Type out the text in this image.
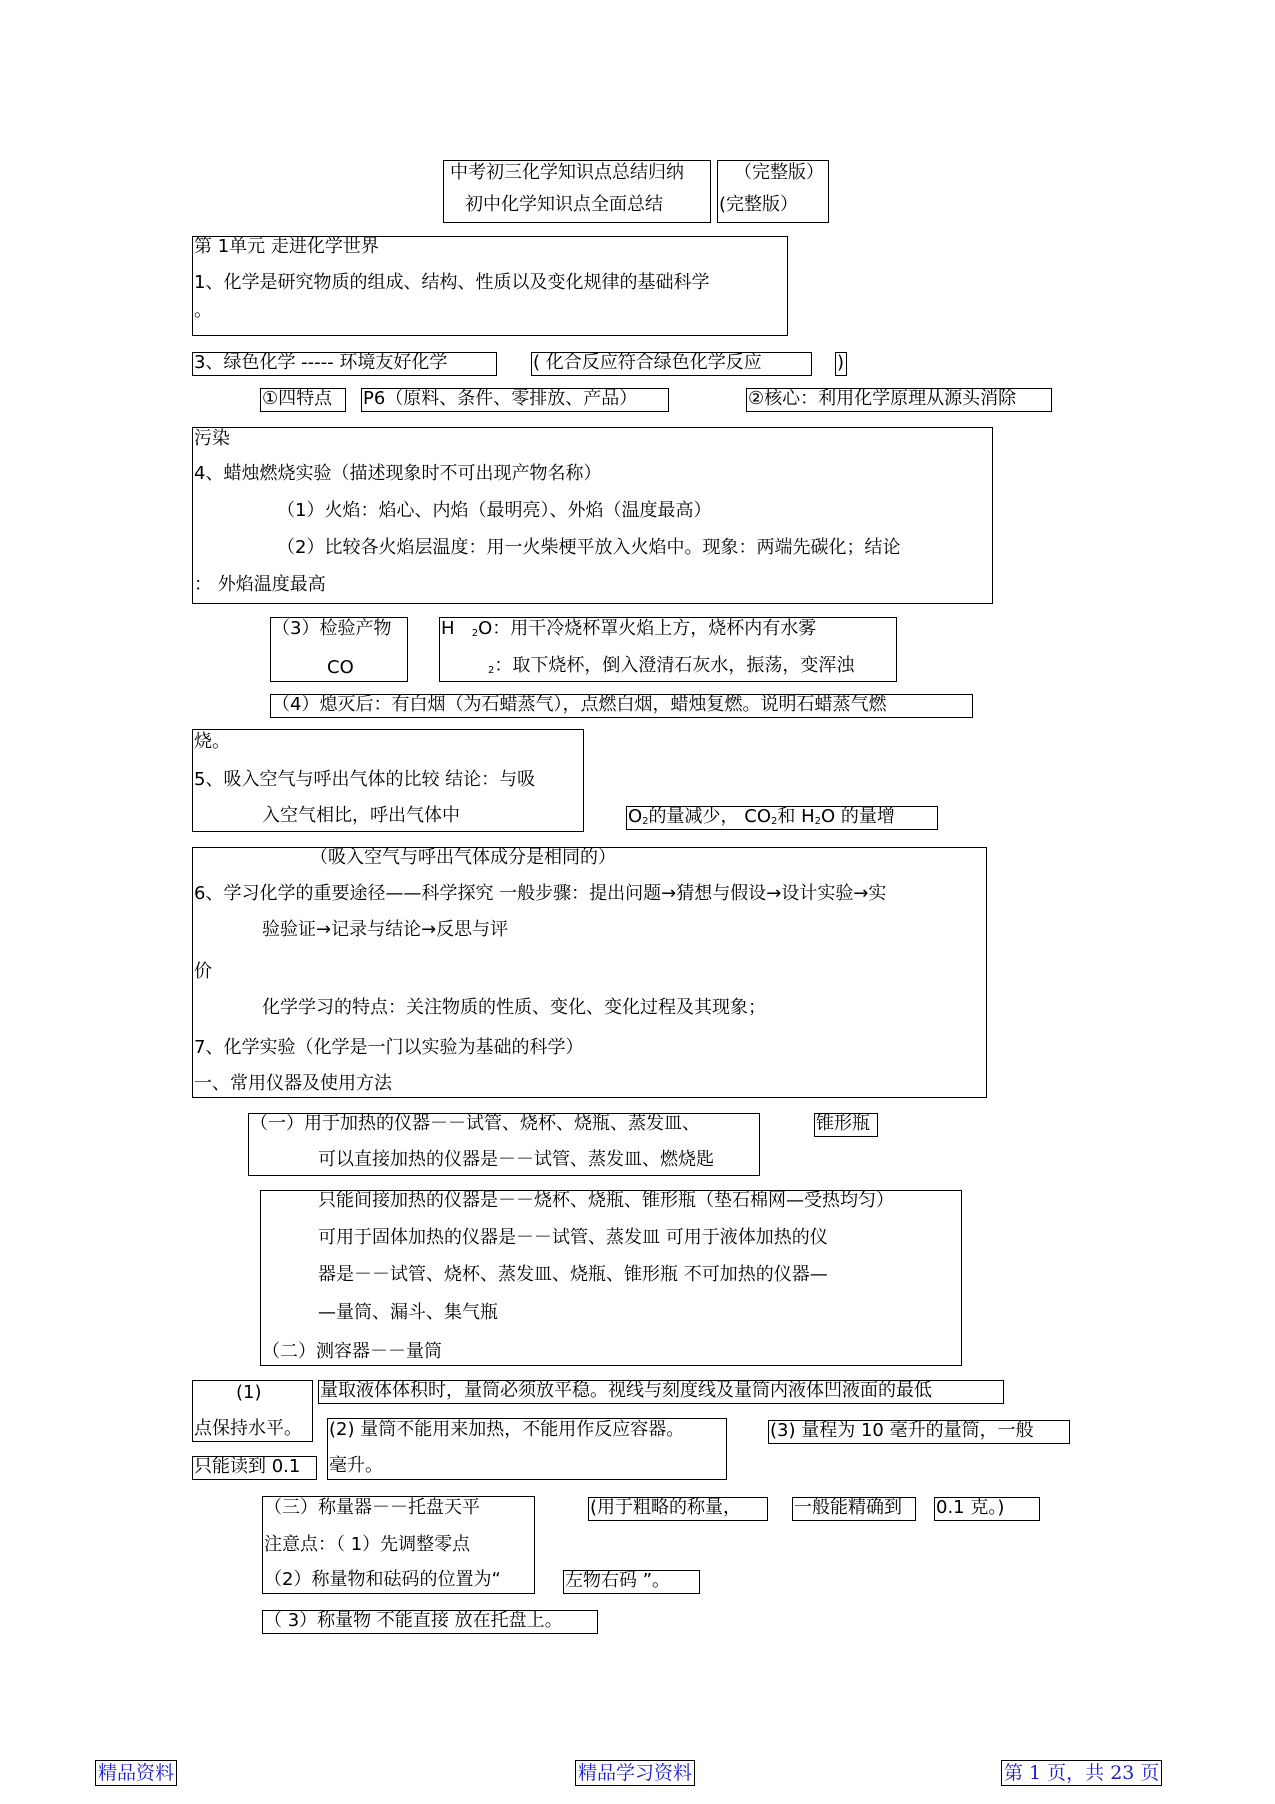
中考初三化学知识点总结归纳
初中化学知识点全面总结
（完整版）
(完整版）
第 1单元 走进化学世界
1、化学是研究物质的组成、结构、性质以及变化规律的基础科学
。
3、绿色化学 ----- 环境友好化学	( 化合反应符合绿色化学反应	)
①四特点 P6（原料、条件、零排放、产品）	②核心：利用化学原理从源头消除
污染
4、蜡烛燃烧实验（描述现象时不可出现产物名称）
（1）火焰：焰心、内焰（最明亮）、外焰（温度最高）
（2）比较各火焰层温度：用一火柴梗平放入火焰中。现象：两端先碳化；结论
： 外焰温度最高
（3）检验产物
CO
H $_2$O：用干冷烧杯罩火焰上方，烧杯内有水雾
$_2$：取下烧杯，倒入澄清石灰水，振荡，变浑浊
（4）熄灭后：有白烟（为石蜡蒸气），点燃白烟，蜡烛复燃。说明石蜡蒸气燃
烧。
5、吸入空气与呼出气体的比较 结论：与吸
入空气相比，呼出气体中	$O_2$的量减少， $CO_2$和 $H_2O$ 的量增
（吸入空气与呼出气体成分是相同的）
6、学习化学的重要途径——科学探究 一般步骤：提出问题→猜想与假设→设计实验→实
验验证→记录与结论→反思与评
价
化学学习的特点：关注物质的性质、变化、变化过程及其现象；
7、化学实验（化学是一门以实验为基础的科学）
一、常用仪器及使用方法
（一）用于加热的仪器－－试管、烧杯、烧瓶、蒸发皿、
可以直接加热的仪器是－－试管、蒸发皿、燃烧匙
锥形瓶
只能间接加热的仪器是－－烧杯、烧瓶、锥形瓶（垫石棉网—受热均匀）
可用于固体加热的仪器是－－试管、蒸发皿 可用于液体加热的仪
器是－－试管、烧杯、蒸发皿、烧瓶、锥形瓶 不可加热的仪器—
—量筒、漏斗、集气瓶
（二）测容器－－量筒
(1)
点保持水平。
量取液体体积时，量筒必须放平稳。视线与刻度线及量筒内液体凹液面的最低
(2) 量筒不能用来加热，不能用作反应容器。
毫升。
(3) 量程为 10 毫升的量筒，一般
只能读到 0.1
（三）称量器－－托盘天平
注意点：（ 1）先调整零点
（2）称量物和砝码的位置为“
(用于粗略的称量，	一般能精确到 0.1 克。)
左物右码 ”。
（ 3）称量物 不能直接 放在托盘上。
精品资料	精品学习资料	第 1 页，共 23 页
